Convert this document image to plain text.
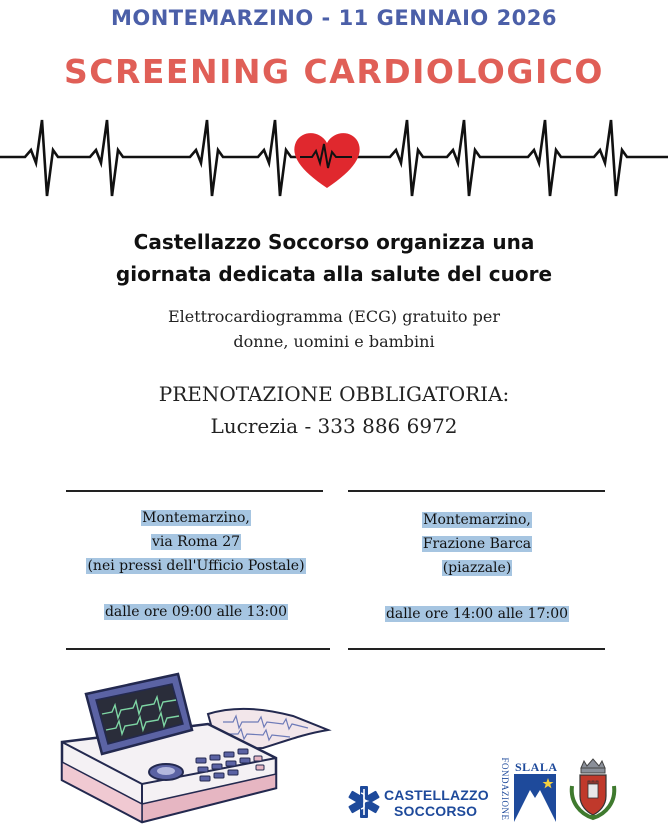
MONTEMARZINO - 11 GENNAIO 2026
SCREENING CARDIOLOGICO
Castellazzo Soccorso organizza una
giornata dedicata alla salute del cuore
Elettrocardiogramma (ECG) gratuito per
donne, uomini e bambini
PRENOTAZIONE OBBLIGATORIA:
Lucrezia - 333 886 6972
Montemarzino,
via Roma 27
(nei pressi dell'Ufficio Postale)
dalle ore 09:00 alle 13:00
Montemarzino,
Frazione Barca
(piazzale)
dalle ore 14:00 alle 17:00
CASTELLAZZO
SOCCORSO	FONDAZIONE SLALA
